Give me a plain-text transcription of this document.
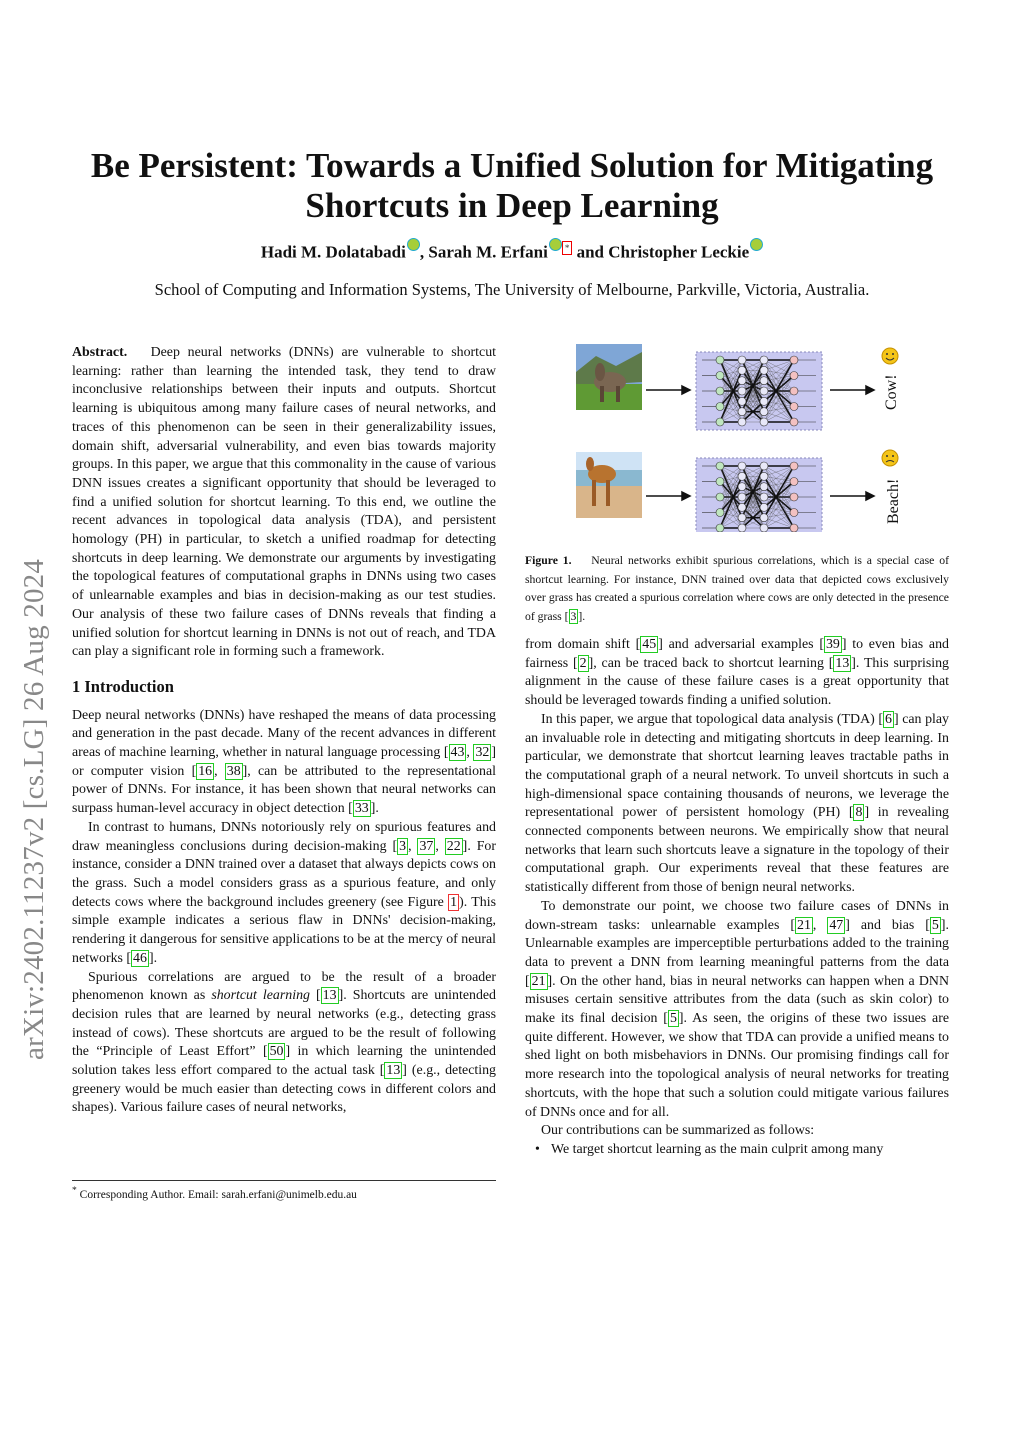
Be Persistent: Towards a Unified Solution for Mitigating Shortcuts in Deep Learning
Hadi M. Dolatabadi , Sarah M. Erfani * and Christopher Leckie
School of Computing and Information Systems, The University of Melbourne, Parkville, Victoria, Australia.
arXiv:2402.11237v2 [cs.LG] 26 Aug 2024

Abstract. Deep neural networks (DNNs) are vulnerable to shortcut learning: rather than learning the intended task, they tend to draw inconclusive relationships between their inputs and outputs. Shortcut learning is ubiquitous among many failure cases of neural networks, and traces of this phenomenon can be seen in their generalizability issues, domain shift, adversarial vulnerability, and even bias towards majority groups. In this paper, we argue that this commonality in the cause of various DNN issues creates a significant opportunity that should be leveraged to find a unified solution for shortcut learning. To this end, we outline the recent advances in topological data analysis (TDA), and persistent homology (PH) in particular, to sketch a unified roadmap for detecting shortcuts in deep learning. We demonstrate our arguments by investigating the topological features of computational graphs in DNNs using two cases of unlearnable examples and bias in decision-making as our test studies. Our analysis of these two failure cases of DNNs reveals that finding a unified solution for shortcut learning in DNNs is not out of reach, and TDA can play a significant role in forming such a framework.

1 Introduction

Deep neural networks (DNNs) have reshaped the means of data processing and generation in the past decade. Many of the recent advances in different areas of machine learning, whether in natural language processing [ 43 , 32 ] or computer vision [ 16 , 38 ], can be attributed to the representational power of DNNs. For instance, it has been shown that neural networks can surpass human-level accuracy in object detection [ 33 ].

In contrast to humans, DNNs notoriously rely on spurious features and draw meaningless conclusions during decision-making [ 3 , 37 , 22 ]. For instance, consider a DNN trained over a dataset that always depicts cows on the grass. Such a model considers grass as a spurious feature, and only detects cows where the background includes greenery (see Figure 1 ). This simple example indicates a serious flaw in DNNs' decision-making, rendering it dangerous for sensitive applications to be at the mercy of neural networks [ 46 ].

Spurious correlations are argued to be the result of a broader phenomenon known as shortcut learning [ 13 ]. Shortcuts are unintended decision rules that are learned by neural networks (e.g., detecting grass instead of cows). These shortcuts are argued to be the result of following the “Principle of Least Effort” [ 50 ] in which learning the unintended solution takes less effort compared to the actual task [ 13 ] (e.g., detecting greenery would be much easier than detecting cows in different colors and shapes). Various failure cases of neural networks,

* Corresponding Author. Email: sarah.erfani@unimelb.edu.au
Cow!
Beach!
Figure 1. Neural networks exhibit spurious correlations, which is a special case of shortcut learning. For instance, DNN trained over data that depicted cows exclusively over grass has created a spurious correlation where cows are only detected in the presence of grass [ 3 ].

from domain shift [ 45 ] and adversarial examples [ 39 ] to even bias and fairness [ 2 ], can be traced back to shortcut learning [ 13 ]. This surprising alignment in the cause of these failure cases is a great opportunity that should be leveraged towards finding a unified solution.

In this paper, we argue that topological data analysis (TDA) [ 6 ] can play an invaluable role in detecting and mitigating shortcuts in deep learning. In particular, we demonstrate that shortcut learning leaves tractable paths in the computational graph of a neural network. To unveil shortcuts in such a high-dimensional space containing thousands of neurons, we leverage the representational power of persistent homology (PH) [ 8 ] in revealing connected components between neurons. We empirically show that neural networks that learn such shortcuts leave a signature in the topology of their computational graph. Our experiments reveal that these features are statistically different from those of benign neural networks.

To demonstrate our point, we choose two failure cases of DNNs in down-stream tasks: unlearnable examples [ 21 , 47 ] and bias [ 5 ]. Unlearnable examples are imperceptible perturbations added to the training data to prevent a DNN from learning meaningful patterns from the data [ 21 ]. On the other hand, bias in neural networks can happen when a DNN misuses certain sensitive attributes from the data (such as skin color) to make its final decision [ 5 ]. As seen, the origins of these two issues are quite different. However, we show that TDA can provide a unified means to shed light on both misbehaviors in DNNs. Our promising findings call for more research into the topological analysis of neural networks for treating shortcuts, with the hope that such a solution could mitigate various failures of DNNs once and for all.

Our contributions can be summarized as follows:

• We target shortcut learning as the main culprit among many
